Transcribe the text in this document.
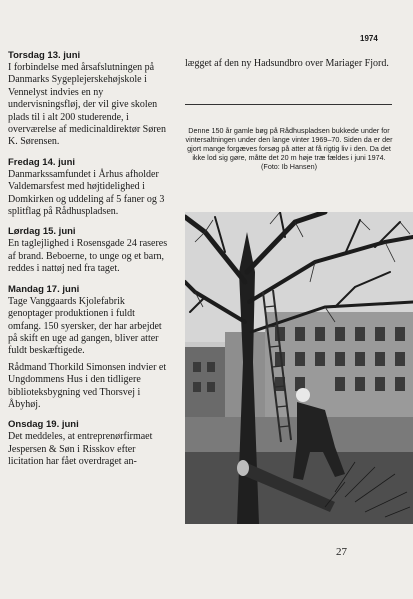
1974

Torsdag 13. juni

I forbindelse med årsafslutningen på Danmarks Sygeplejerskehøjskole i Vennelyst indvies en ny undervisningsfløj, der vil give skolen plads til i alt 200 studerende, i overværelse af medicinaldirektør Søren K. Sørensen.

Fredag 14. juni

Danmarkssamfundet i Århus afholder Valdemarsfest med højtidelighed i Domkirken og uddeling af 5 faner og 3 splitflag på Rådhuspladsen.

Lørdag 15. juni

En taglejlighed i Rosensgade 24 raseres af brand. Beboerne, to unge og et barn, reddes i nattøj ned fra taget.

Mandag 17. juni

Tage Vanggaards Kjolefabrik genoptager produktionen i fuldt omfang. 150 syersker, der har arbejdet på skift en uge ad gangen, bliver atter fuldt beskæftigede.

Rådmand Thorkild Simonsen indvier et Ungdommens Hus i den tidligere biblioteksbygning ved Thorsvej i Åbyhøj.

Onsdag 19. juni

Det meddeles, at entreprenørfirmaet Jespersen & Søn i Risskov efter licitation har fået overdraget an-

lægget af den ny Hadsundbro over Mariager Fjord.

Denne 150 år gamle bøg på Rådhuspladsen bukkede under for vintersaltningen under den lange vinter 1969–70. Siden da er der gjort mange forgæves forsøg på atter at få rigtig liv i den. Da det ikke lod sig gøre, måtte det 20 m høje træ fældes i juni 1974. (Foto: Ib Hansen)
27
